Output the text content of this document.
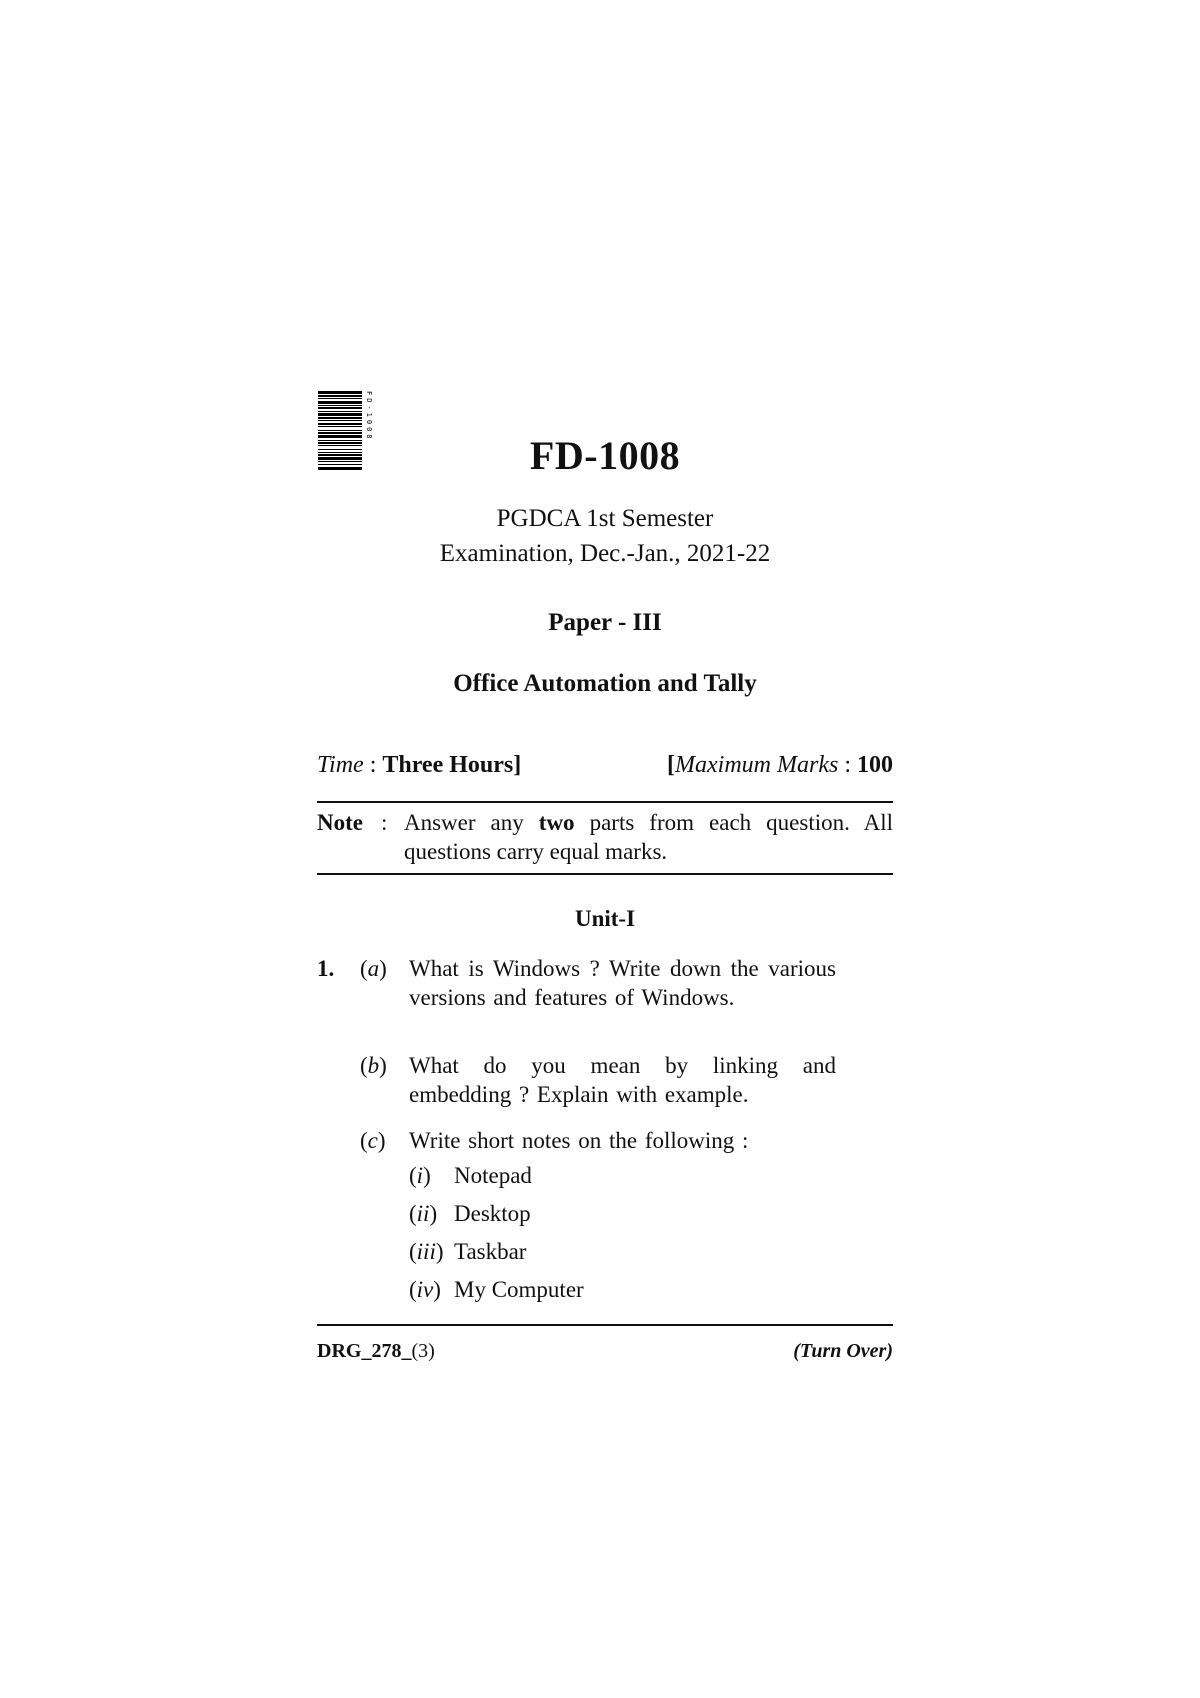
FD-1008
FD-1008
PGDCA 1st Semester
Examination, Dec.-Jan., 2021-22
Paper - III
Office Automation and Tally
Time : Three Hours]	[Maximum Marks : 100
Note : Answer any two parts from each question. All questions carry equal marks.
Unit-I
1. (a) What is Windows ? Write down the various versions and features of Windows.
(b) What do you mean by linking and embedding ? Explain with example.
(c) Write short notes on the following :
(i) Notepad
(ii) Desktop
(iii) Taskbar
(iv) My Computer
DRG_278_(3)	(Turn Over)
